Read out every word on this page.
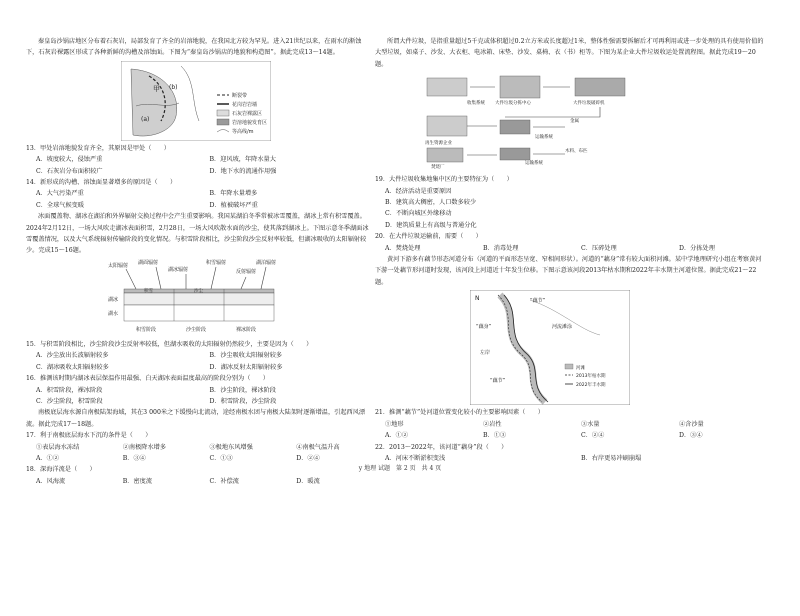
秦皇岛沙锅店地区分布着石灰岩，局部发育了齐全的岩溶地貌，在我国北方较为罕见。进入21世纪以来，在雨水的渐蚀下，石灰岩裸露区形成了各种新鲜的沟槽及溶蚀面。下图为“秦皇岛沙锅店的地貌和构造图”。据此完成13～14题。

甲
(a)
(b)
断裂带
花岗岩岩墙
石灰岩裸露区
岩溶地貌发育区
等高线/m

13．甲处岩溶地貌发育齐全，其原因是甲处（　　）

A．坡度较大，侵蚀严重	B．迎风坡，年降水量大
C．石灰岩分布面积较广	D．地下水的流通作用强

14．新形成的沟槽、溶蚀面显著增多的原因是（　　）

A．大气污染严重	B．年降水量增多
C．全球气候变暖	D．植被破坏严重

冰面覆盖物、湖冰在湖泊和外界辐射交换过程中会产生重要影响。我国某湖泊冬季常被冰雪覆盖，湖冰上常有积雪覆盖。2024年2月12日，一场大风吹走湖冰表面积雪，2月28日，一场大风吹散水面的沙尘，使其落到湖冰上。下图示意冬季湖面冰雪覆盖情况，以及大气系统辐射传输阶段的变化情况。与积雪阶段相比，沙尘阶段沙尘反射率较低，但湖冰吸收的太阳辐射较少。完成15～16题。

太阳辐射 湖面辐射
湖冰辐射
积雪辐射
反射辐射
湖泊辐射
积雪	沙尘
湖冰
湖水
积雪阶段	沙尘阶段	裸冰阶段

15．与积雪阶段相比，沙尘阶段沙尘反射率较低，但湖水吸收的太阳辐射仍然较少，主要是因为（　　）

A．沙尘放出长波辐射较多	B．沙尘吸收太阳辐射较多
C．湖冰吸收太阳辐射较多	D．湖冰反射太阳辐射较多

16．推测该时期内湖冰表层保温作用最强、白天湖冰表面温度最高的阶段分别为（　　）

A．积雪阶段，裸冰阶段	B．沙尘阶段，裸冰阶段
C．沙尘阶段，积雪阶段	D．积雪阶段，沙尘阶段

南极底层海水源自南极陆架海域，其在3 000米之下缓慢向北流动，途经南极水团与南极大陆架时逐渐增温，引起西风漂流。据此完成17～18题。

17．利于南极底层海水下沉的条件是（　　）

①表层海水冻结	②南极降水增多	③极地东风增强	④南极气温升高
A．①②	B．③④	C．①③	D．②④

18．深海洋流是（　　）

A．风海流	B．密度流	C．补偿流	D．暖流

所谓大件垃圾，是指重量超过5千克或体积超过0.2立方米或长度超过1米，整体性强需要拆解后才可再利用或进一步处理的具有使用价值的大型垃圾，如桌子、沙发、大衣柜、电冰箱、床垫、沙发、桌椅、衣（书）柜等。下图为某企业大件垃圾收运处置流程图。据此完成19～20题。

收集系统 大件垃圾分拣中心	大件垃圾破碎机
金属
运输系统
木料、布匹
再生资源企业
运输系统
焚烧厂

19．大件垃圾收集地集中区的主要特征为（　　）

A．经济活动是重要原因
B．建筑高大稠密，人口数多较少
C．不断向城区外缘移动
D．建筑质量上有高级与普通分化

20．在大件垃圾运输前，需要（　　）

A．焚烧处理	B．消毒处理	C．压碎处理	D．分拣处理

黄河下游多有藕节形态河道分布（河道的平面形态呈宽、窄相间形状）。河道的“藕身”常有较大面积河滩。某中学地理研究小组在考察黄河下游一处藕节形河道时发现，该河段上河道近十年发生位移。下图示意该河段2013年枯水期和2022年丰水期主河道位置。据此完成21～22题。

N	“藕节”
“藕身”
左岸
“藕节”
河流滩涂
河滩
2013年枯水期
2022年丰水期

21．推测“藕节”处河道位置变化较小的主要影响因素（　　）

①地形	②岩性	③水量	④含沙量
A．①②	B．①③	C．②④	D．③④

22．2013～2022年，该河道“藕身”段（　　）

A．河床不断淤积变浅	B．右岸更易冲刷崩塌
y 地理 试题　第 2 页　共 4 页
